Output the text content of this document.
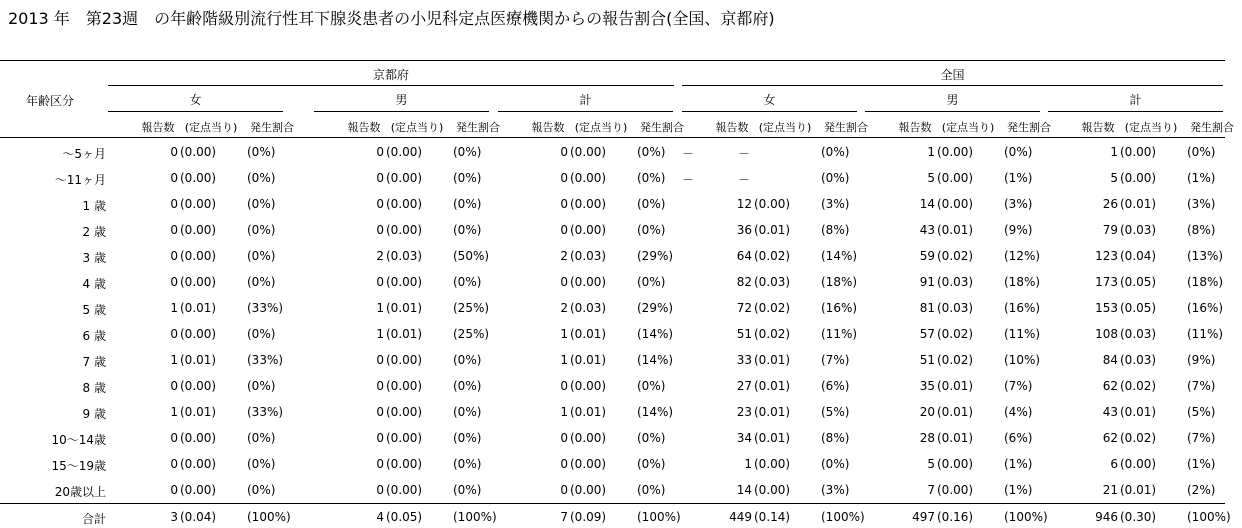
2013 年　第23週　の年齢階級別流行性耳下腺炎患者の小児科定点医療機関からの報告割合(全国、京都府)
年齢区分
京都府	全国
女	男	計	女	男	計
報告数 (定点当り)	発生割合	報告数 (定点当り)	発生割合	報告数 (定点当り)	発生割合	報告数 (定点当り)	発生割合	報告数 (定点当り)	発生割合	報告数 (定点当り)	発生割合
～5ヶ月	0 (0.00)	(0%)	0 (0.00)	(0%)	0 (0.00)	(0%)	－	－	(0%)	1 (0.00)	(0%)	1 (0.00)	(0%)
～11ヶ月	0 (0.00)	(0%)	0 (0.00)	(0%)	0 (0.00)	(0%)	－	－	(0%)	5 (0.00)	(1%)	5 (0.00)	(1%)
1 歳	0 (0.00)	(0%)	0 (0.00)	(0%)	0 (0.00)	(0%)	12 (0.00)	(3%)	14 (0.00)	(3%)	26 (0.01)	(3%)
2 歳	0 (0.00)	(0%)	0 (0.00)	(0%)	0 (0.00)	(0%)	36 (0.01)	(8%)	43 (0.01)	(9%)	79 (0.03)	(8%)
3 歳	0 (0.00)	(0%)	2 (0.03)	(50%)	2 (0.03)	(29%)	64 (0.02)	(14%)	59 (0.02)	(12%)	123 (0.04)	(13%)
4 歳	0 (0.00)	(0%)	0 (0.00)	(0%)	0 (0.00)	(0%)	82 (0.03)	(18%)	91 (0.03)	(18%)	173 (0.05)	(18%)
5 歳	1 (0.01)	(33%)	1 (0.01)	(25%)	2 (0.03)	(29%)	72 (0.02)	(16%)	81 (0.03)	(16%)	153 (0.05)	(16%)
6 歳	0 (0.00)	(0%)	1 (0.01)	(25%)	1 (0.01)	(14%)	51 (0.02)	(11%)	57 (0.02)	(11%)	108 (0.03)	(11%)
7 歳	1 (0.01)	(33%)	0 (0.00)	(0%)	1 (0.01)	(14%)	33 (0.01)	(7%)	51 (0.02)	(10%)	84 (0.03)	(9%)
8 歳	0 (0.00)	(0%)	0 (0.00)	(0%)	0 (0.00)	(0%)	27 (0.01)	(6%)	35 (0.01)	(7%)	62 (0.02)	(7%)
9 歳	1 (0.01)	(33%)	0 (0.00)	(0%)	1 (0.01)	(14%)	23 (0.01)	(5%)	20 (0.01)	(4%)	43 (0.01)	(5%)
10～14歳	0 (0.00)	(0%)	0 (0.00)	(0%)	0 (0.00)	(0%)	34 (0.01)	(8%)	28 (0.01)	(6%)	62 (0.02)	(7%)
15～19歳	0 (0.00)	(0%)	0 (0.00)	(0%)	0 (0.00)	(0%)	1 (0.00)	(0%)	5 (0.00)	(1%)	6 (0.00)	(1%)
20歳以上	0 (0.00)	(0%)	0 (0.00)	(0%)	0 (0.00)	(0%)	14 (0.00)	(3%)	7 (0.00)	(1%)	21 (0.01)	(2%)
合計	3 (0.04)	(100%)	4 (0.05)	(100%)	7 (0.09)	(100%)	449 (0.14)	(100%)	497 (0.16)	(100%)	946 (0.30)	(100%)
